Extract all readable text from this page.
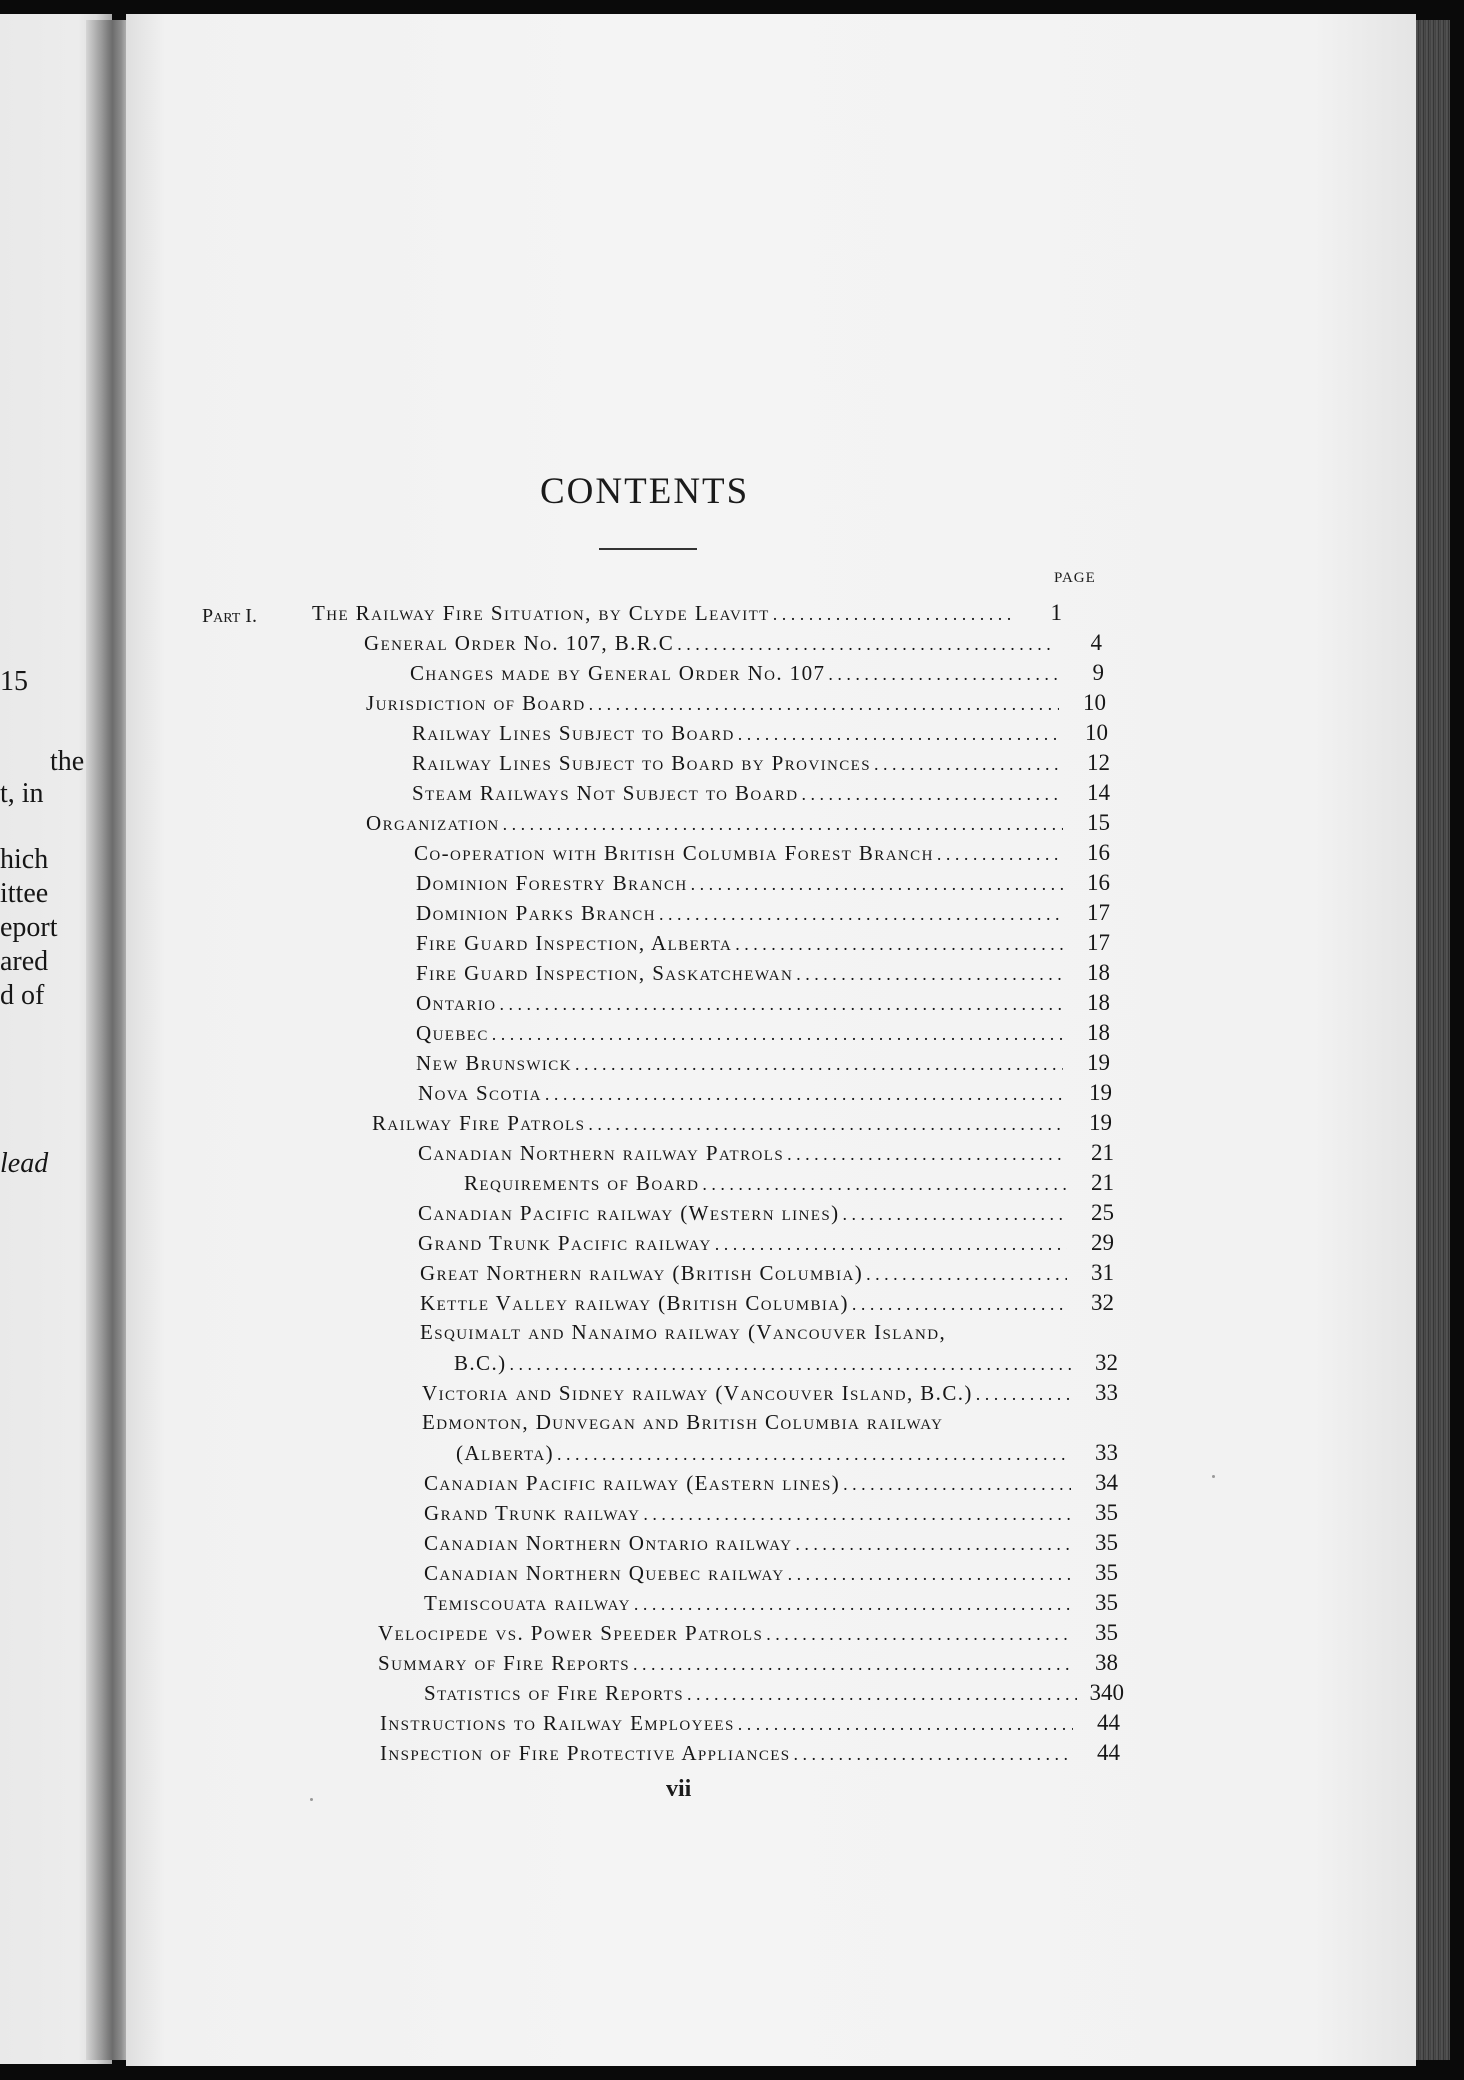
15
the
t, in
hich
ittee
eport
ared
d of
lead
CONTENTS
PAGE
Part I.	The Railway Fire Situation, by Clyde Leavitt . . .	1
General Order No. 107, B.R.C . . .	4
Changes made by General Order No. 107 . . .	9
Jurisdiction of Board . . .	10
Railway Lines Subject to Board . . .	10
Railway Lines Subject to Board by Provinces . . .	12
Steam Railways Not Subject to Board . . .	14
Organization . . .	15
Co-operation with British Columbia Forest Branch . . .	16
Dominion Forestry Branch . . .	16
Dominion Parks Branch . . .	17
Fire Guard Inspection, Alberta . . .	17
Fire Guard Inspection, Saskatchewan . . .	18
Ontario . . .	18
Quebec . . .	18
New Brunswick . . .	19
Nova Scotia . . .	19
Railway Fire Patrols . . .	19
Canadian Northern railway Patrols . . .	21
Requirements of Board . . .	21
Canadian Pacific railway (Western lines) . . .	25
Grand Trunk Pacific railway . . .	29
Great Northern railway (British Columbia) . . .	31
Kettle Valley railway (British Columbia) . . .	32
Esquimalt and Nanaimo railway (Vancouver Island,
B.C.) . . .	32
Victoria and Sidney railway (Vancouver Island, B.C.) . . .	33
Edmonton, Dunvegan and British Columbia railway
(Alberta) . . .	33
Canadian Pacific railway (Eastern lines) . . .	34
Grand Trunk railway . . .	35
Canadian Northern Ontario railway . . .	35
Canadian Northern Quebec railway . . .	35
Temiscouata railway . . .	35
Velocipede vs. Power Speeder Patrols . . .	35
Summary of Fire Reports . . .	38
Statistics of Fire Reports . . .	340
Instructions to Railway Employees . . .	44
Inspection of Fire Protective Appliances . . .	44
vii
